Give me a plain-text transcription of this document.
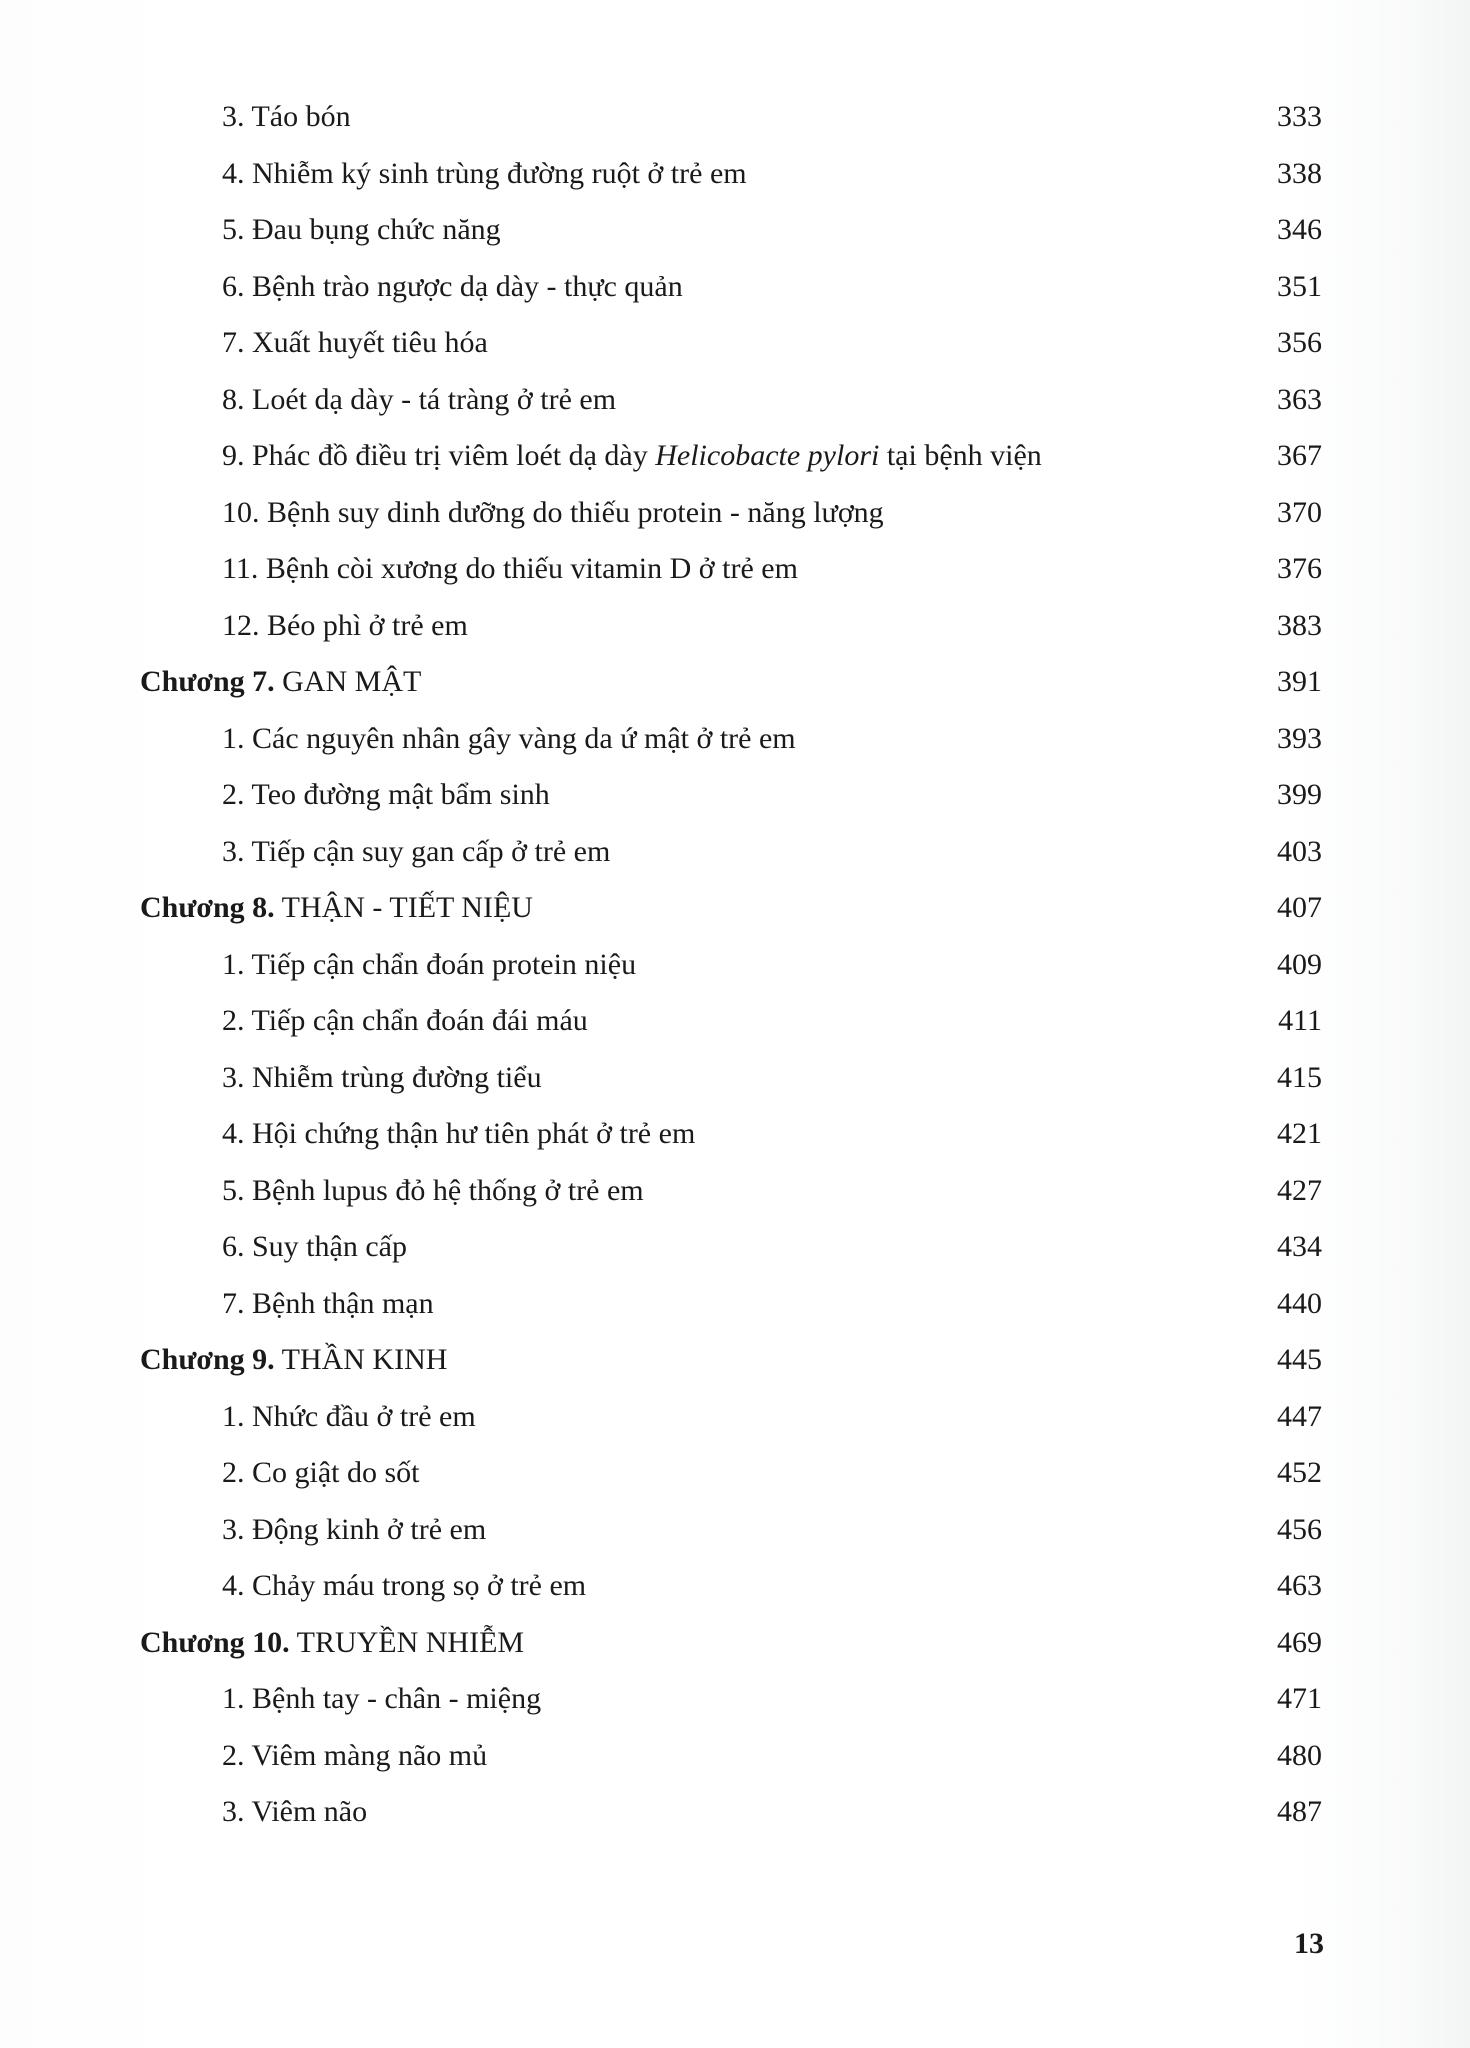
3. Táo bón	333
4. Nhiễm ký sinh trùng đường ruột ở trẻ em	338
5. Đau bụng chức năng	346
6. Bệnh trào ngược dạ dày - thực quản	351
7. Xuất huyết tiêu hóa	356
8. Loét dạ dày - tá tràng ở trẻ em	363
9. Phác đồ điều trị viêm loét dạ dày Helicobacte pylori tại bệnh viện	367
10. Bệnh suy dinh dưỡng do thiếu protein - năng lượng	370
11. Bệnh còi xương do thiếu vitamin D ở trẻ em	376
12. Béo phì ở trẻ em	383
Chương 7. GAN MẬT	391
1. Các nguyên nhân gây vàng da ứ mật ở trẻ em	393
2. Teo đường mật bẩm sinh	399
3. Tiếp cận suy gan cấp ở trẻ em	403
Chương 8. THẬN - TIẾT NIỆU	407
1. Tiếp cận chẩn đoán protein niệu	409
2. Tiếp cận chẩn đoán đái máu	411
3. Nhiễm trùng đường tiểu	415
4. Hội chứng thận hư tiên phát ở trẻ em	421
5. Bệnh lupus đỏ hệ thống ở trẻ em	427
6. Suy thận cấp	434
7. Bệnh thận mạn	440
Chương 9. THẦN KINH	445
1. Nhức đầu ở trẻ em	447
2. Co giật do sốt	452
3. Động kinh ở trẻ em	456
4. Chảy máu trong sọ ở trẻ em	463
Chương 10. TRUYỀN NHIỄM	469
1. Bệnh tay - chân - miệng	471
2. Viêm màng não mủ	480
3. Viêm não	487
13
